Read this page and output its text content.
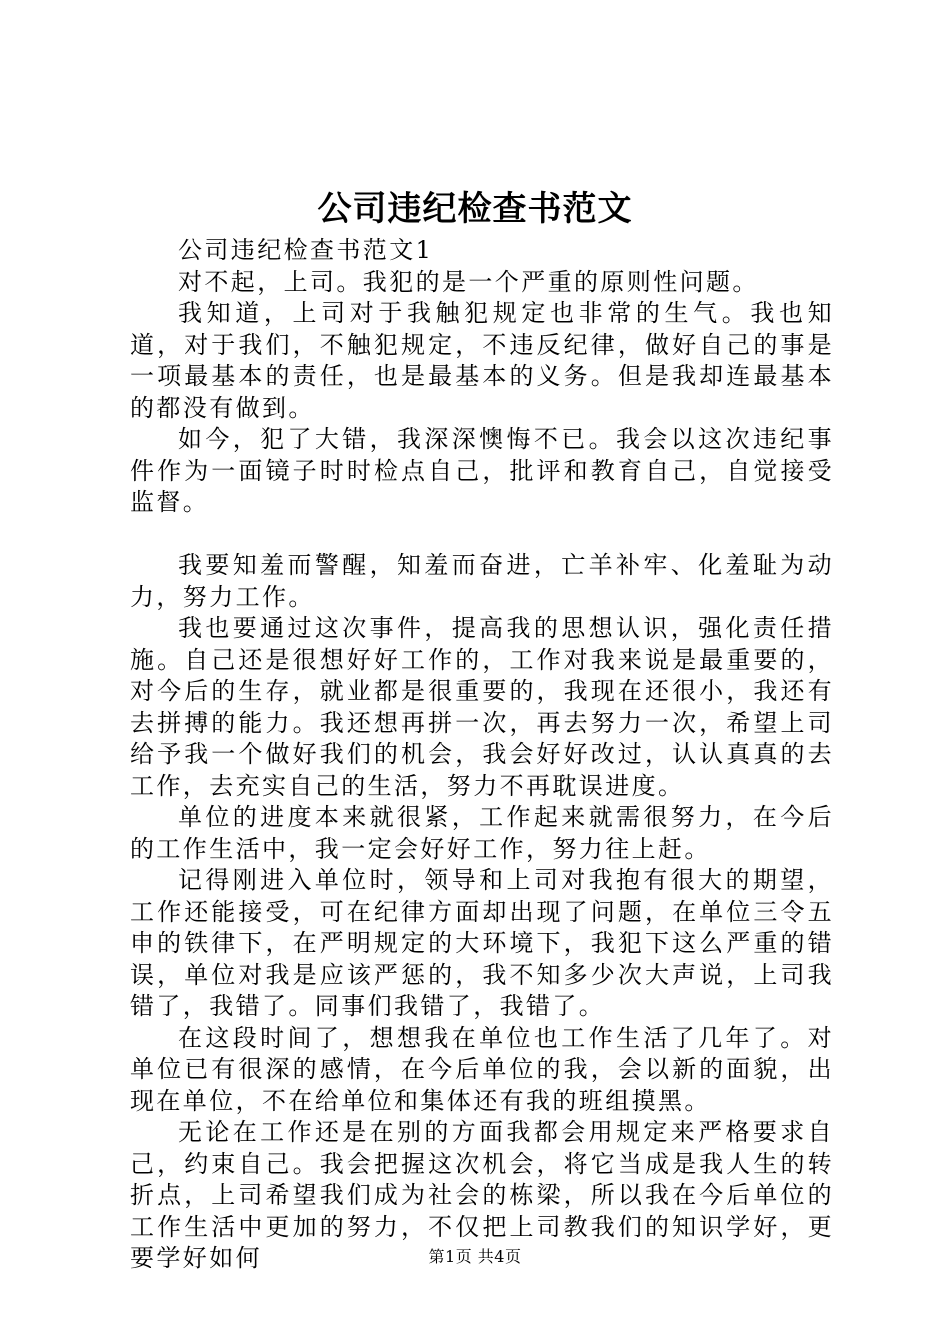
公司违纪检查书范文

公司违纪检查书范文1

对不起，上司。我犯的是一个严重的原则性问题。

我知道，上司对于我触犯规定也非常的生气。我也知道，对于我们，不触犯规定，不违反纪律，做好自己的事是一项最基本的责任，也是最基本的义务。但是我却连最基本的都没有做到。

如今，犯了大错，我深深懊悔不已。我会以这次违纪事件作为一面镜子时时检点自己，批评和教育自己，自觉接受监督。

我要知羞而警醒，知羞而奋进，亡羊补牢、化羞耻为动力，努力工作。

我也要通过这次事件，提高我的思想认识，强化责任措施。自己还是很想好好工作的，工作对我来说是最重要的，对今后的生存，就业都是很重要的，我现在还很小，我还有去拼搏的能力。我还想再拼一次，再去努力一次，希望上司给予我一个做好我们的机会，我会好好改过，认认真真的去工作，去充实自己的生活，努力不再耽误进度。

单位的进度本来就很紧，工作起来就需很努力，在今后的工作生活中，我一定会好好工作，努力往上赶。

记得刚进入单位时，领导和上司对我抱有很大的期望，工作还能接受，可在纪律方面却出现了问题，在单位三令五申的铁律下，在严明规定的大环境下，我犯下这么严重的错误，单位对我是应该严惩的，我不知多少次大声说，上司我错了，我错了。同事们我错了，我错了。

在这段时间了，想想我在单位也工作生活了几年了。对单位已有很深的感情，在今后单位的我，会以新的面貌，出现在单位，不在给单位和集体还有我的班组摸黑。

无论在工作还是在别的方面我都会用规定来严格要求自己，约束自己。我会把握这次机会，将它当成是我人生的转折点，上司希望我们成为社会的栋梁，所以我在今后单位的工作生活中更加的努力，不仅把上司教我们的知识学好，更要学好如何	第1页 共4页
